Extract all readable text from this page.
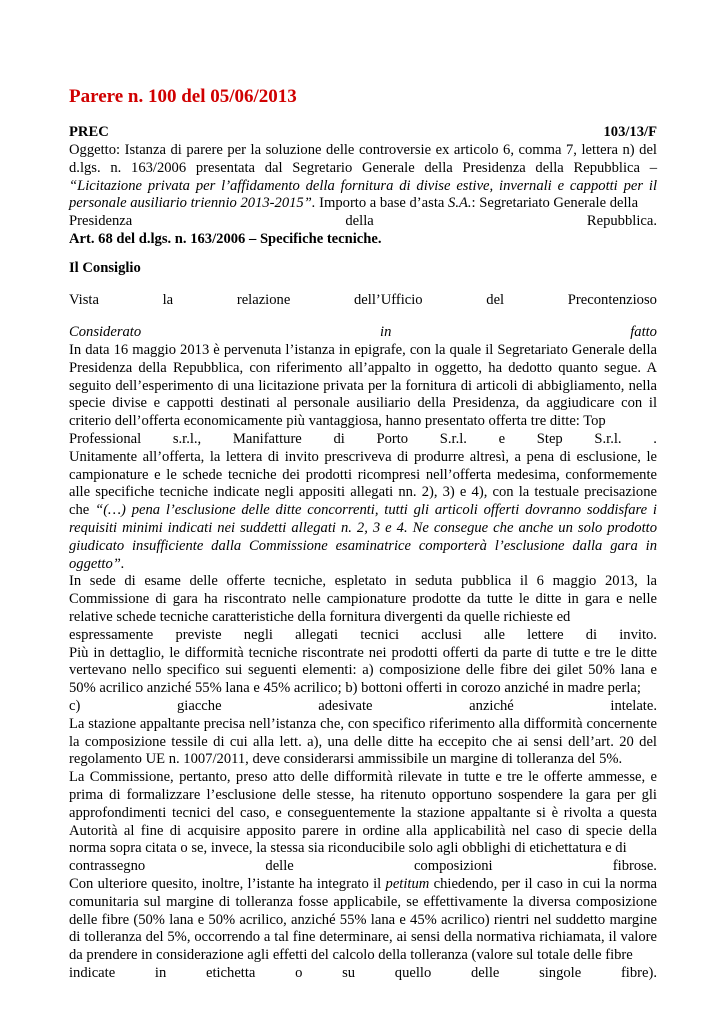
Parere n. 100 del 05/06/2013
PREC	103/13/F

Oggetto: Istanza di parere per la soluzione delle controversie ex articolo 6, comma 7, lettera n) del d.lgs. n. 163/2006 presentata dal Segretario Generale della Presidenza della Repubblica – “Licitazione privata per l’affidamento della fornitura di divise estive, invernali e cappotti per il personale ausiliario triennio 2013-2015”. Importo a base d’asta S.A.: Segretariato Generale della

Presidenza	della	Repubblica.

Art. 68 del d.lgs. n. 163/2006 – Specifiche tecniche.

Il Consiglio
Vista	la	relazione	dell’Ufficio	del	Precontenzioso
Considerato	in	fatto

In data 16 maggio 2013 è pervenuta l’istanza in epigrafe, con la quale il Segretariato Generale della Presidenza della Repubblica, con riferimento all’appalto in oggetto, ha dedotto quanto segue. A seguito dell’esperimento di una licitazione privata per la fornitura di articoli di abbigliamento, nella specie divise e cappotti destinati al personale ausiliario della Presidenza, da aggiudicare con il criterio dell’offerta economicamente più vantaggiosa, hanno presentato offerta tre ditte: Top

Professional s.r.l., Manifatture di Porto S.r.l. e Step S.r.l. .

Unitamente all’offerta, la lettera di invito prescriveva di produrre altresì, a pena di esclusione, le campionature e le schede tecniche dei prodotti ricompresi nell’offerta medesima, conformemente alle specifiche tecniche indicate negli appositi allegati nn. 2), 3) e 4), con la testuale precisazione che “(…) pena l’esclusione delle ditte concorrenti, tutti gli articoli offerti dovranno soddisfare i requisiti minimi indicati nei suddetti allegati n. 2, 3 e 4. Ne consegue che anche un solo prodotto giudicato insufficiente dalla Commissione esaminatrice comporterà l’esclusione dalla gara in oggetto”.

In sede di esame delle offerte tecniche, espletato in seduta pubblica il 6 maggio 2013, la Commissione di gara ha riscontrato nelle campionature prodotte da tutte le ditte in gara e nelle relative schede tecniche caratteristiche della fornitura divergenti da quelle richieste ed

espressamente previste negli allegati tecnici acclusi alle lettere di invito.

Più in dettaglio, le difformità tecniche riscontrate nei prodotti offerti da parte di tutte e tre le ditte vertevano nello specifico sui seguenti elementi: a) composizione delle fibre dei gilet 50% lana e 50% acrilico anziché 55% lana e 45% acrilico; b) bottoni offerti in corozo anziché in madre perla;

c)	giacche	adesivate	anziché	intelate.

La stazione appaltante precisa nell’istanza che, con specifico riferimento alla difformità concernente la composizione tessile di cui alla lett. a), una delle ditte ha eccepito che ai sensi dell’art. 20 del regolamento UE n. 1007/2011, deve considerarsi ammissibile un margine di tolleranza del 5%.

La Commissione, pertanto, preso atto delle difformità rilevate in tutte e tre le offerte ammesse, e prima di formalizzare l’esclusione delle stesse, ha ritenuto opportuno sospendere la gara per gli approfondimenti tecnici del caso, e conseguentemente la stazione appaltante si è rivolta a questa Autorità al fine di acquisire apposito parere in ordine alla applicabilità nel caso di specie della norma sopra citata o se, invece, la stessa sia riconducibile solo agli obblighi di etichettatura e di

contrassegno	delle	composizioni	fibrose.

Con ulteriore quesito, inoltre, l’istante ha integrato il petitum chiedendo, per il caso in cui la norma comunitaria sul margine di tolleranza fosse applicabile, se effettivamente la diversa composizione delle fibre (50% lana e 50% acrilico, anziché 55% lana e 45% acrilico) rientri nel suddetto margine di tolleranza del 5%, occorrendo a tal fine determinare, ai sensi della normativa richiamata, il valore da prendere in considerazione agli effetti del calcolo della tolleranza (valore sul totale delle fibre

indicate	in	etichetta	o	su	quello	delle	singole	fibre).
